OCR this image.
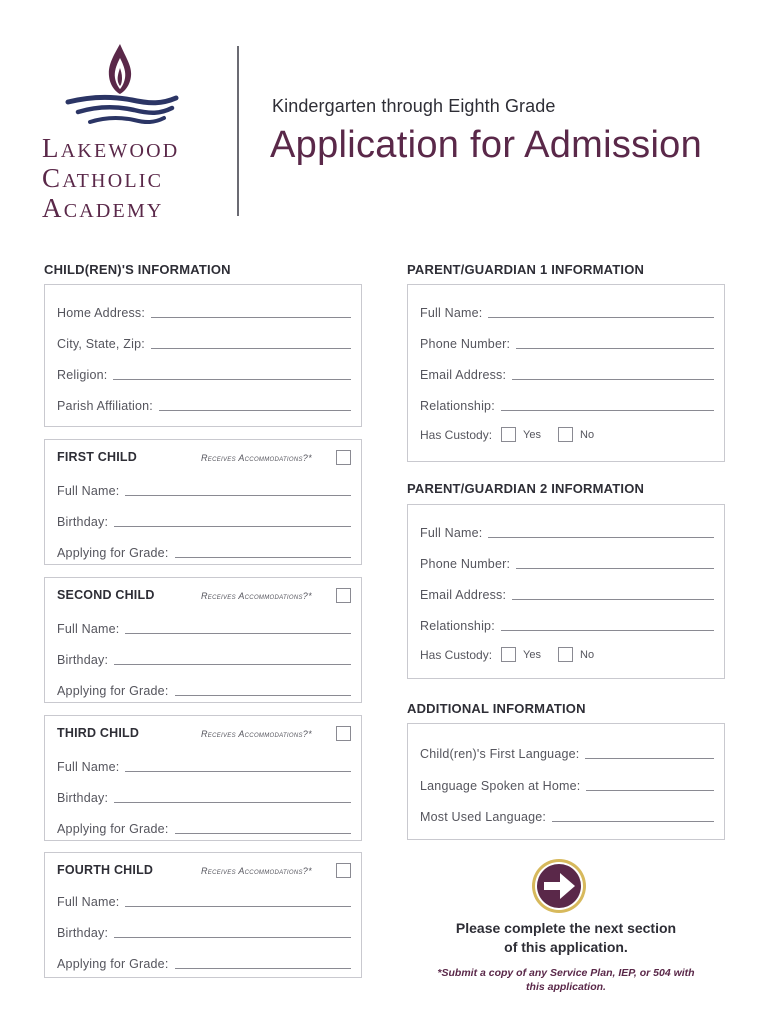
LAKEWOOD
CATHOLIC
ACADEMY
Kindergarten through Eighth Grade
Application for Admission
CHILD(REN)'S INFORMATION
Home Address:
City, State, Zip:
Religion:
Parish Affiliation:
FIRST CHILD	Receives Accommodations?*
Full Name:
Birthday:
Applying for Grade:
SECOND CHILD	Receives Accommodations?*
Full Name:
Birthday:
Applying for Grade:
THIRD CHILD	Receives Accommodations?*
Full Name:
Birthday:
Applying for Grade:
FOURTH CHILD	Receives Accommodations?*
Full Name:
Birthday:
Applying for Grade:
PARENT/GUARDIAN 1 INFORMATION
Full Name:
Phone Number:
Email Address:
Relationship:
Has Custody:	Yes	No
PARENT/GUARDIAN 2 INFORMATION
Full Name:
Phone Number:
Email Address:
Relationship:
Has Custody:	Yes	No
ADDITIONAL INFORMATION
Child(ren)'s First Language:
Language Spoken at Home:
Most Used Language:
Please complete the next section
of this application.
*Submit a copy of any Service Plan, IEP, or 504 with
this application.
